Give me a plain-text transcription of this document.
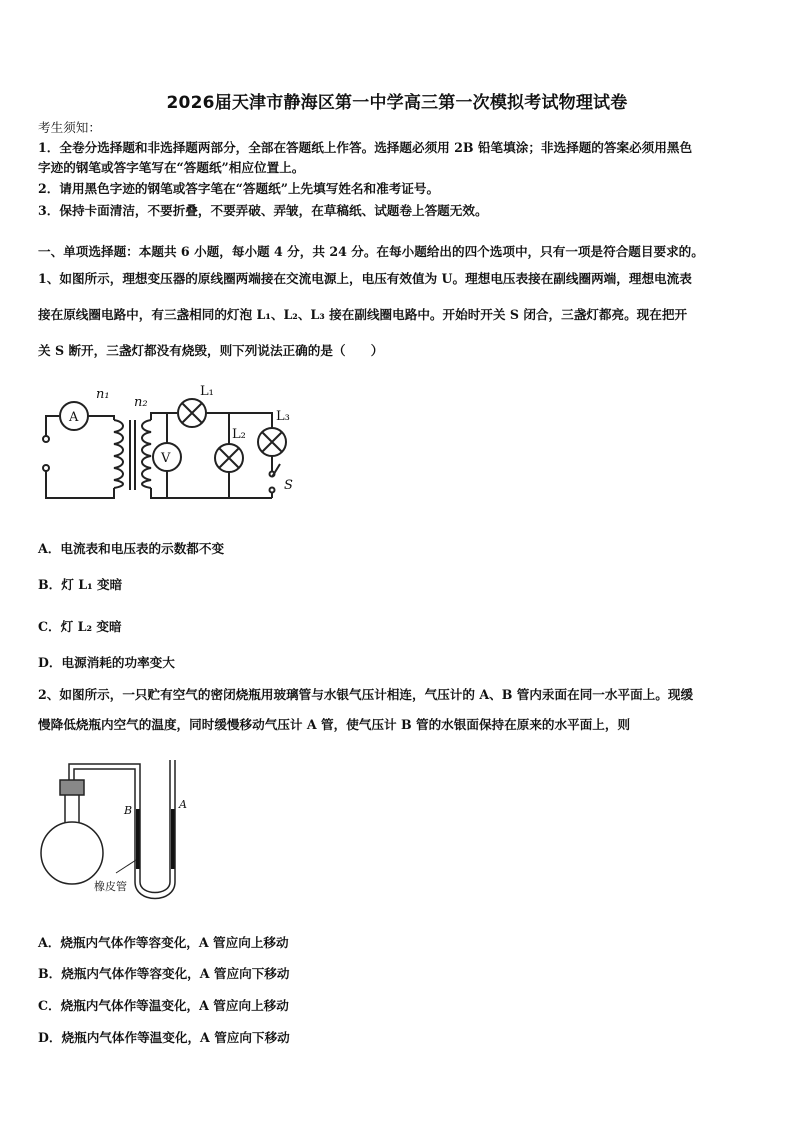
2026届天津市静海区第一中学高三第一次模拟考试物理试卷
考生须知：
1．全卷分选择题和非选择题两部分，全部在答题纸上作答。选择题必须用 2B 铅笔填涂；非选择题的答案必须用黑色
字迹的钢笔或答字笔写在“答题纸”相应位置上。
2．请用黑色字迹的钢笔或答字笔在“答题纸”上先填写姓名和准考证号。
3．保持卡面清洁，不要折叠，不要弄破、弄皱，在草稿纸、试题卷上答题无效。
一、单项选择题：本题共 6 小题，每小题 4 分，共 24 分。在每小题给出的四个选项中，只有一项是符合题目要求的。
1、如图所示，理想变压器的原线圈两端接在交流电源上，电压有效值为 U。理想电压表接在副线圈两端，理想电流表
接在原线圈电路中，有三盏相同的灯泡 L₁、L₂、L₃ 接在副线圈电路中。开始时开关 S 闭合，三盏灯都亮。现在把开
关 S 断开，三盏灯都没有烧毁，则下列说法正确的是（　　）
A
V
n₁
n₂
L₁
L₂
L₃
S
A．电流表和电压表的示数都不变
B．灯 L₁ 变暗
C．灯 L₂ 变暗
D．电源消耗的功率变大
2、如图所示，一只贮有空气的密闭烧瓶用玻璃管与水银气压计相连，气压计的 A、B 管内汞面在同一水平面上。现缓
慢降低烧瓶内空气的温度，同时缓慢移动气压计 A 管，使气压计 B 管的水银面保持在原来的水平面上，则
B	A
橡皮管
A．烧瓶内气体作等容变化，A 管应向上移动
B．烧瓶内气体作等容变化，A 管应向下移动
C．烧瓶内气体作等温变化，A 管应向上移动
D．烧瓶内气体作等温变化，A 管应向下移动
